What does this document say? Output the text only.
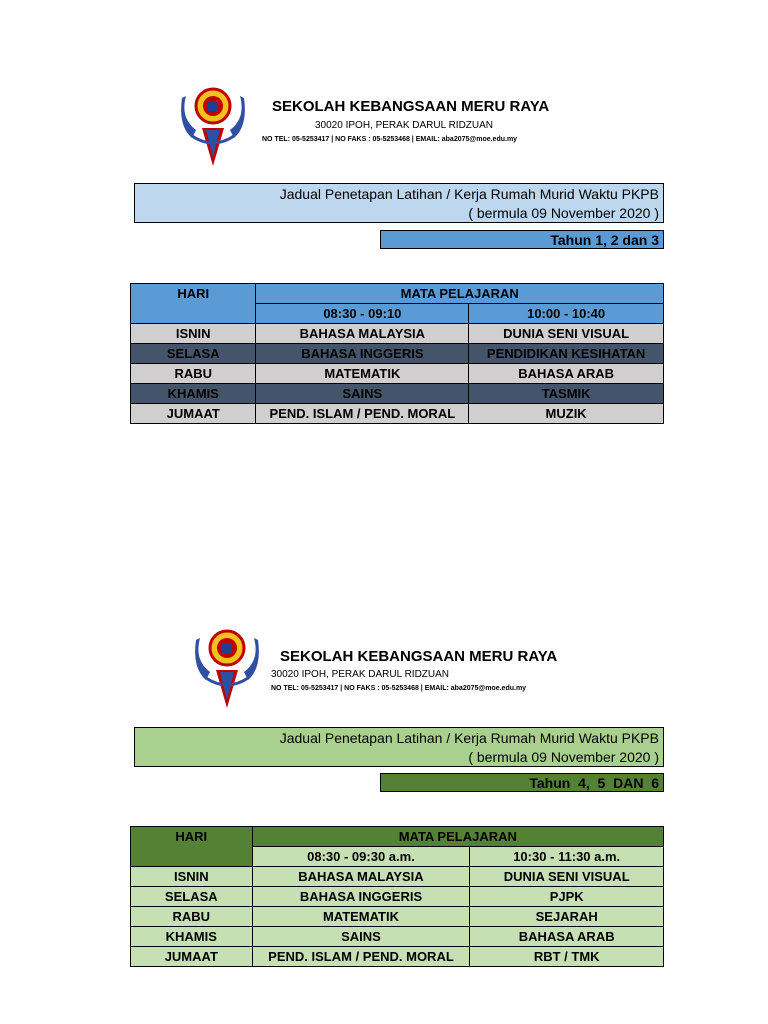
SEKOLAH KEBANGSAAN MERU RAYA
30020 IPOH, PERAK DARUL RIDZUAN
NO TEL: 05-5253417 | NO FAKS : 05-5253468 | EMAIL: aba2075@moe.edu.my
Jadual Penetapan Latihan / Kerja Rumah Murid Waktu PKPB
( bermula 09 November 2020 )
Tahun 1, 2 dan 3
HARI	MATA PELAJARAN	
	08:30 - 09:10	10:00 - 10:40
ISNIN	BAHASA MALAYSIA	DUNIA SENI VISUAL
SELASA	BAHASA INGGERIS	PENDIDIKAN KESIHATAN
RABU	MATEMATIK	BAHASA ARAB
KHAMIS	SAINS	TASMIK
JUMAAT	PEND. ISLAM / PEND. MORAL	MUZIK
SEKOLAH KEBANGSAAN MERU RAYA
30020 IPOH, PERAK DARUL RIDZUAN
NO TEL: 05-5253417 | NO FAKS : 05-5253468 | EMAIL: aba2075@moe.edu.my
Jadual Penetapan Latihan / Kerja Rumah Murid Waktu PKPB
( bermula 09 November 2020 )
Tahun  4,  5  DAN  6
HARI	MATA PELAJARAN	
	08:30 - 09:30 a.m.	10:30 - 11:30 a.m.
ISNIN	BAHASA MALAYSIA	DUNIA SENI VISUAL
SELASA	BAHASA INGGERIS	PJPK
RABU	MATEMATIK	SEJARAH
KHAMIS	SAINS	BAHASA ARAB
JUMAAT	PEND. ISLAM / PEND. MORAL	RBT / TMK
